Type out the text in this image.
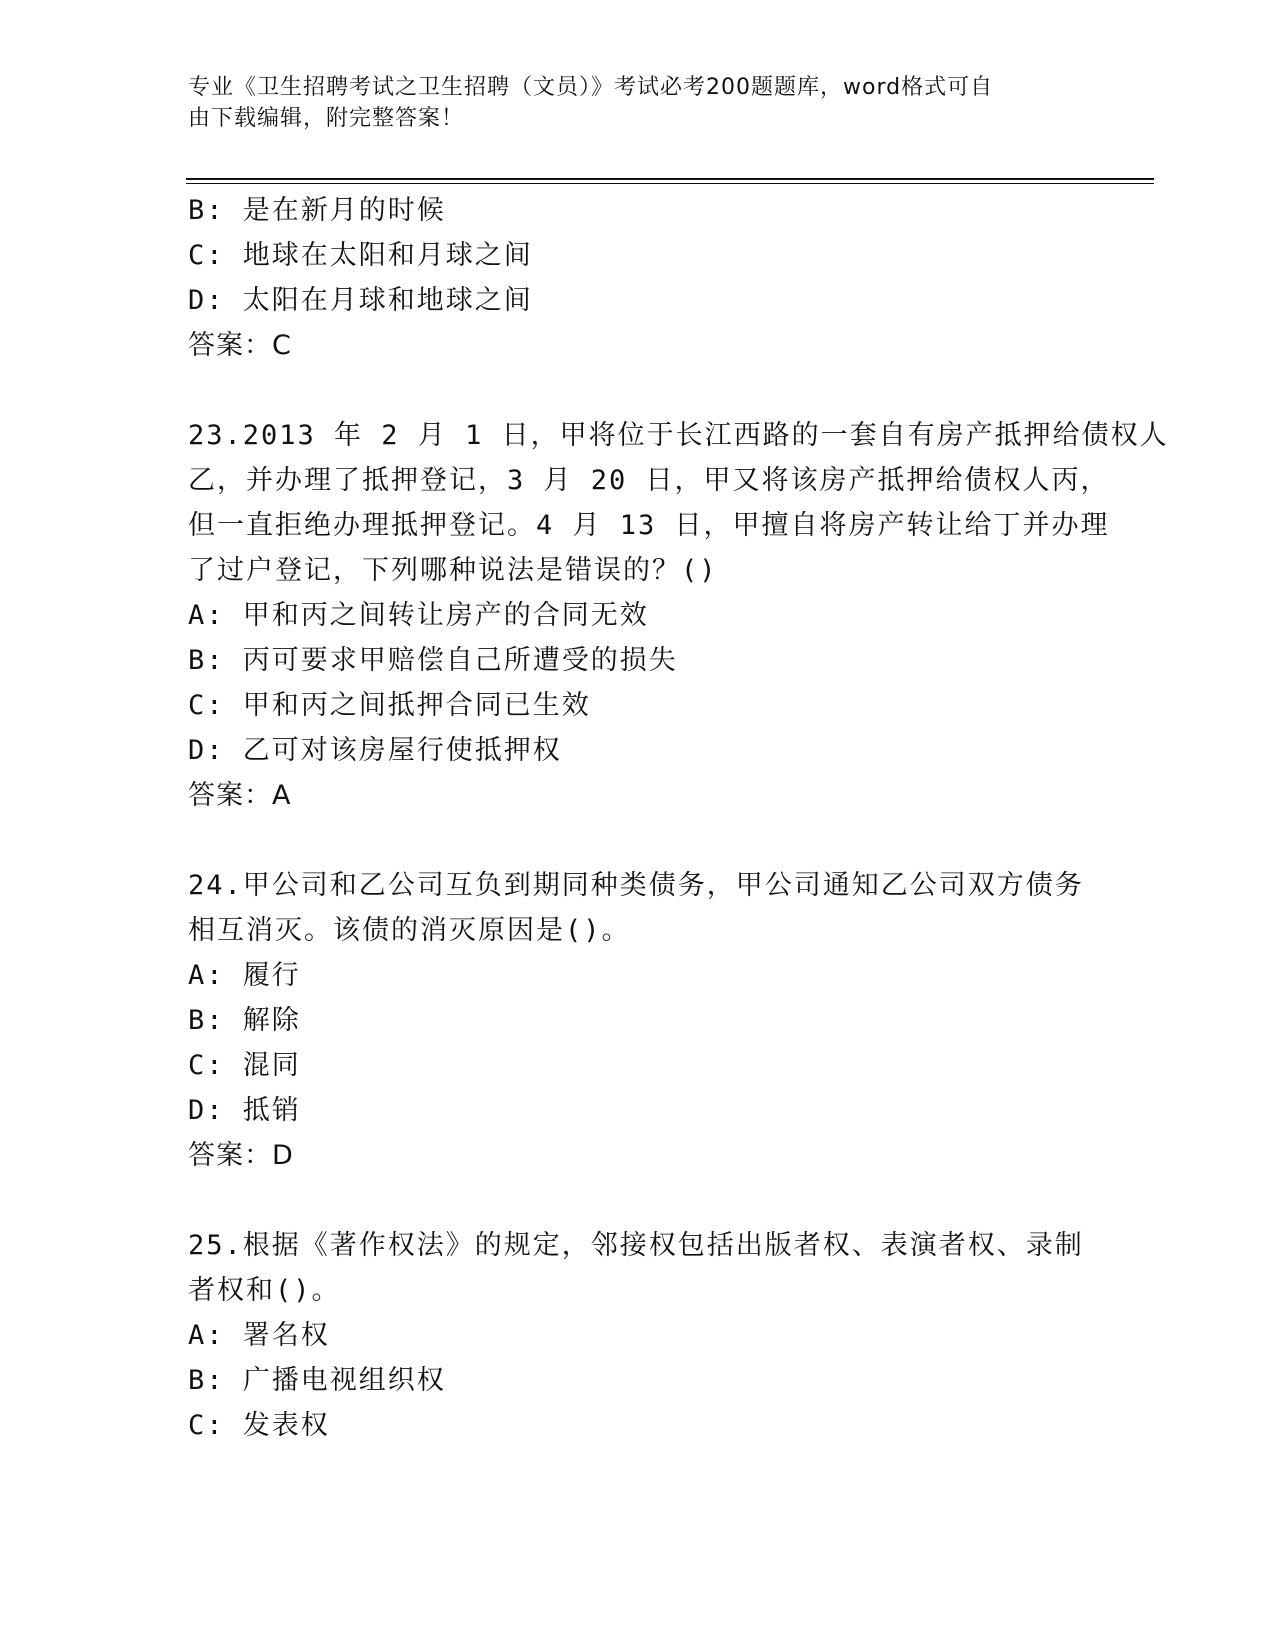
专业《卫生招聘考试之卫生招聘（文员）》考试必考200题题库，word格式可自
由下载编辑，附完整答案！
B: 是在新月的时候
C: 地球在太阳和月球之间
D: 太阳在月球和地球之间
答案：C
23.2013 年 2 月 1 日，甲将位于长江西路的一套自有房产抵押给债权人
乙，并办理了抵押登记，3 月 20 日，甲又将该房产抵押给债权人丙，
但一直拒绝办理抵押登记。4 月 13 日，甲擅自将房产转让给丁并办理
了过户登记，下列哪种说法是错误的？()
A: 甲和丙之间转让房产的合同无效
B: 丙可要求甲赔偿自己所遭受的损失
C: 甲和丙之间抵押合同已生效
D: 乙可对该房屋行使抵押权
答案：A
24.甲公司和乙公司互负到期同种类债务，甲公司通知乙公司双方债务
相互消灭。该债的消灭原因是()。
A: 履行
B: 解除
C: 混同
D: 抵销
答案：D
25.根据《著作权法》的规定，邻接权包括出版者权、表演者权、录制
者权和()。
A: 署名权
B: 广播电视组织权
C: 发表权
